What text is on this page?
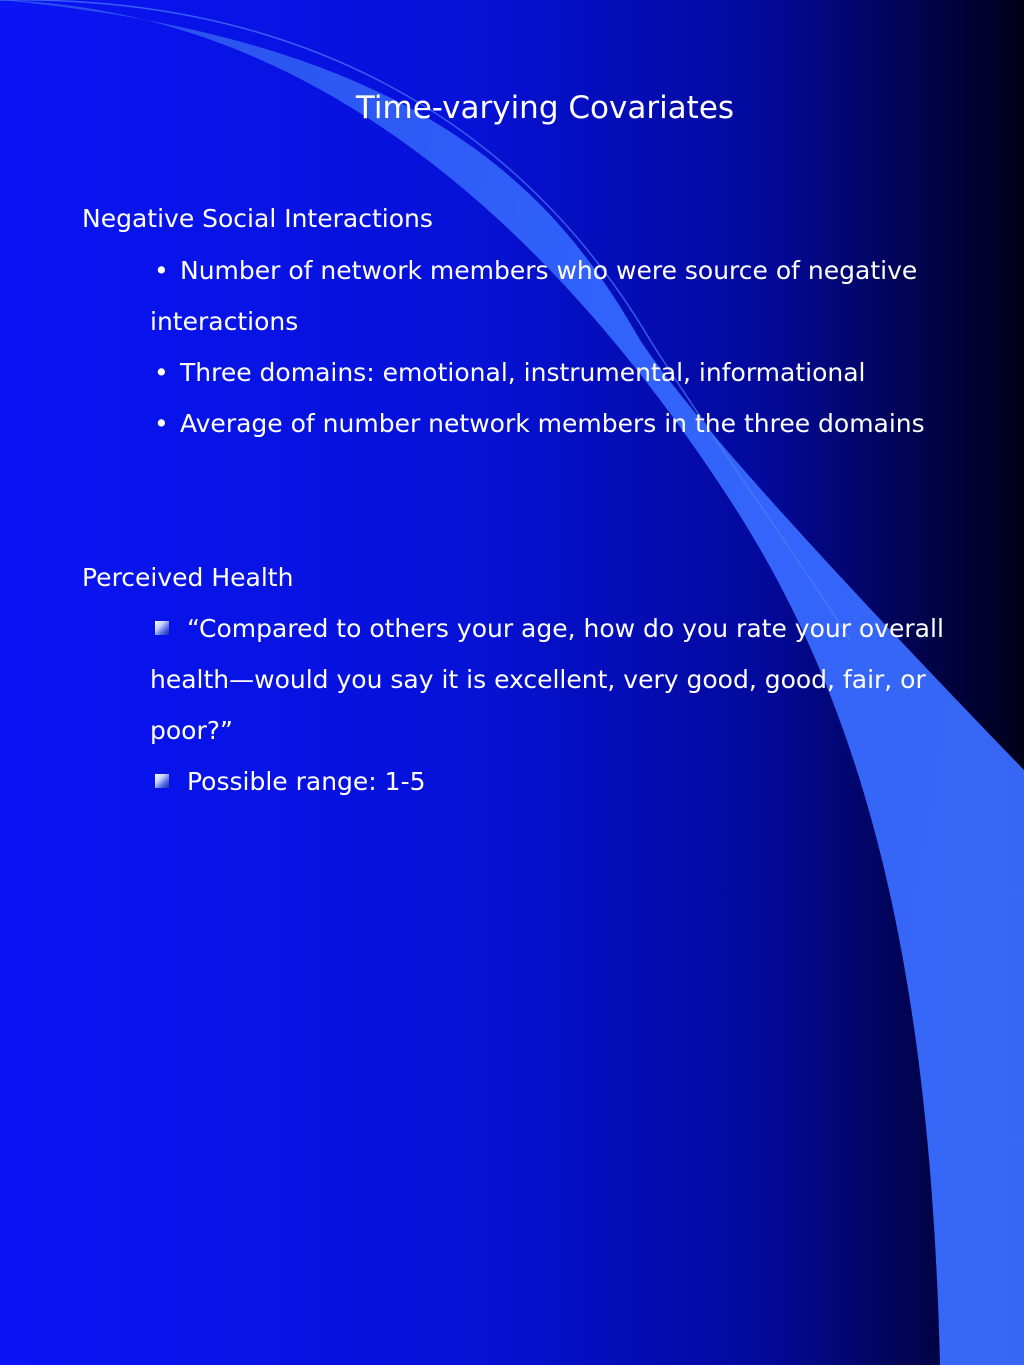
Time-varying Covariates

Negative Social Interactions

• Number of network members who were source of negative interactions

• Three domains: emotional, instrumental, informational

• Average of number network members in the three domains

Perceived Health

“Compared to others your age, how do you rate your overall health—would you say it is excellent, very good, good, fair, or poor?”

Possible range: 1-5
